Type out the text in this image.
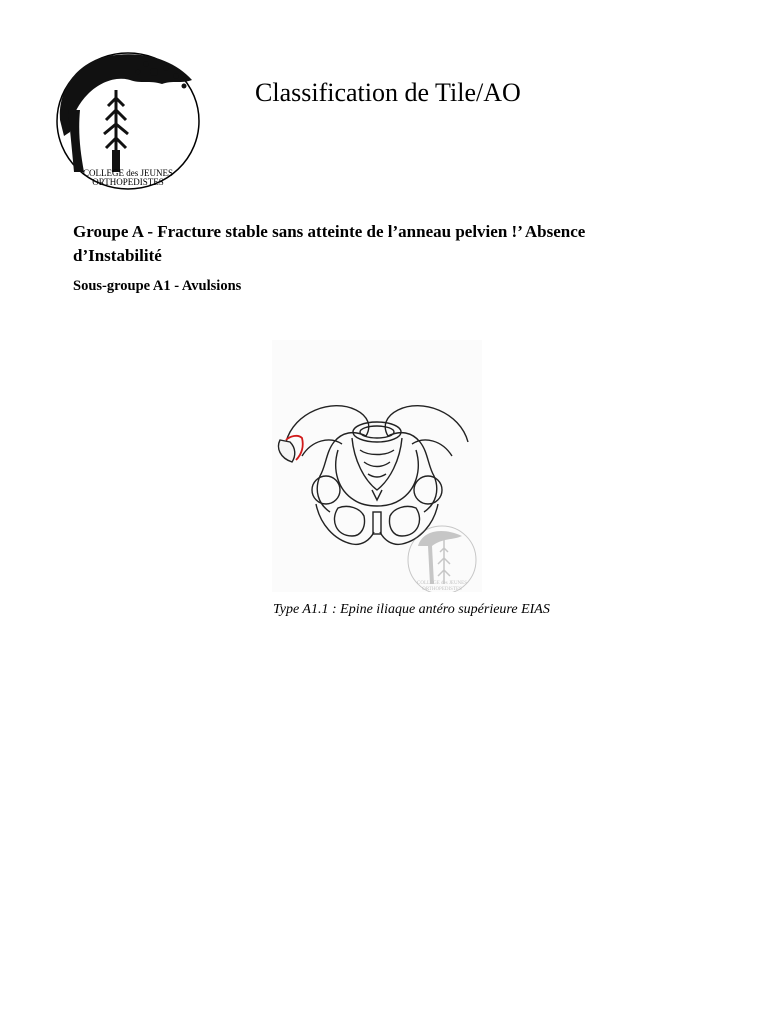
COLLEGE des JEUNES
ORTHOPEDISTES
Classification de Tile/AO
Groupe A - Fracture stable sans atteinte de l’anneau pelvien !’ Absence d’Instabilité
Sous-groupe A1 - Avulsions
COLLEGE des JEUNES
ORTHOPEDISTES
Type A1.1 : Epine iliaque antéro supérieure EIAS
